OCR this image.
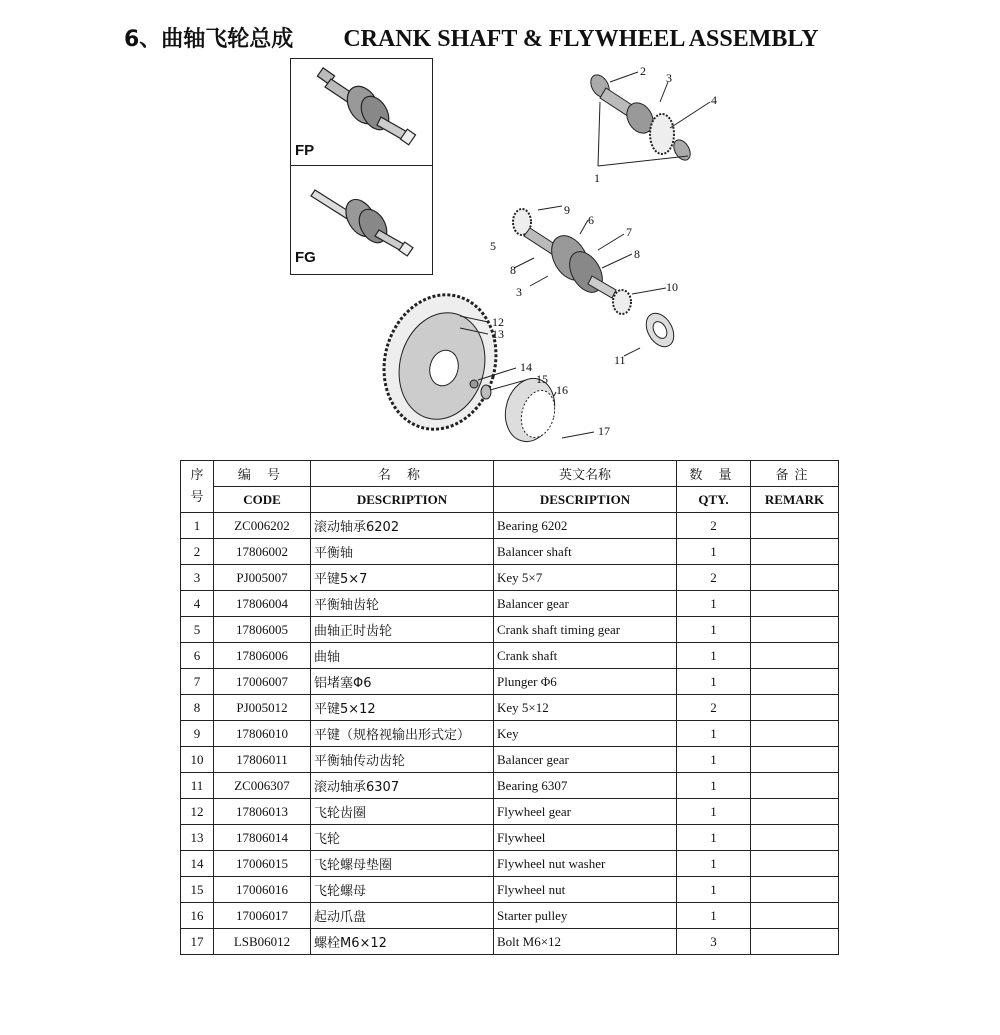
6、曲轴飞轮总成 CRANK SHAFT & FLYWHEEL ASSEMBLY
FP
FG
1
2 3
4
5
6
7
8
9
10
11
12
13
14
15
16
17
8
3
序号	编 号	名 称	英文名称	数 量	备注
	CODE	DESCRIPTION	DESCRIPTION	QTY.	REMARK
1	ZC006202	滚动轴承6202	Bearing 6202	2	
2	17806002	平衡轴	Balancer shaft	1	
3	PJ005007	平键5×7	Key 5×7	2	
4	17806004	平衡轴齿轮	Balancer gear	1	
5	17806005	曲轴正时齿轮	Crank shaft timing gear	1	
6	17806006	曲轴	Crank shaft	1	
7	17006007	铝堵塞Φ6	Plunger Φ6	1	
8	PJ005012	平键5×12	Key 5×12	2	
9	17806010	平键（规格视输出形式定）	Key	1	
10	17806011	平衡轴传动齿轮	Balancer gear	1	
11	ZC006307	滚动轴承6307	Bearing 6307	1	
12	17806013	飞轮齿圈	Flywheel gear	1	
13	17806014	飞轮	Flywheel	1	
14	17006015	飞轮螺母垫圈	Flywheel nut washer	1	
15	17006016	飞轮螺母	Flywheel nut	1	
16	17006017	起动爪盘	Starter pulley	1	
17	LSB06012	螺栓M6×12	Bolt M6×12	3	
